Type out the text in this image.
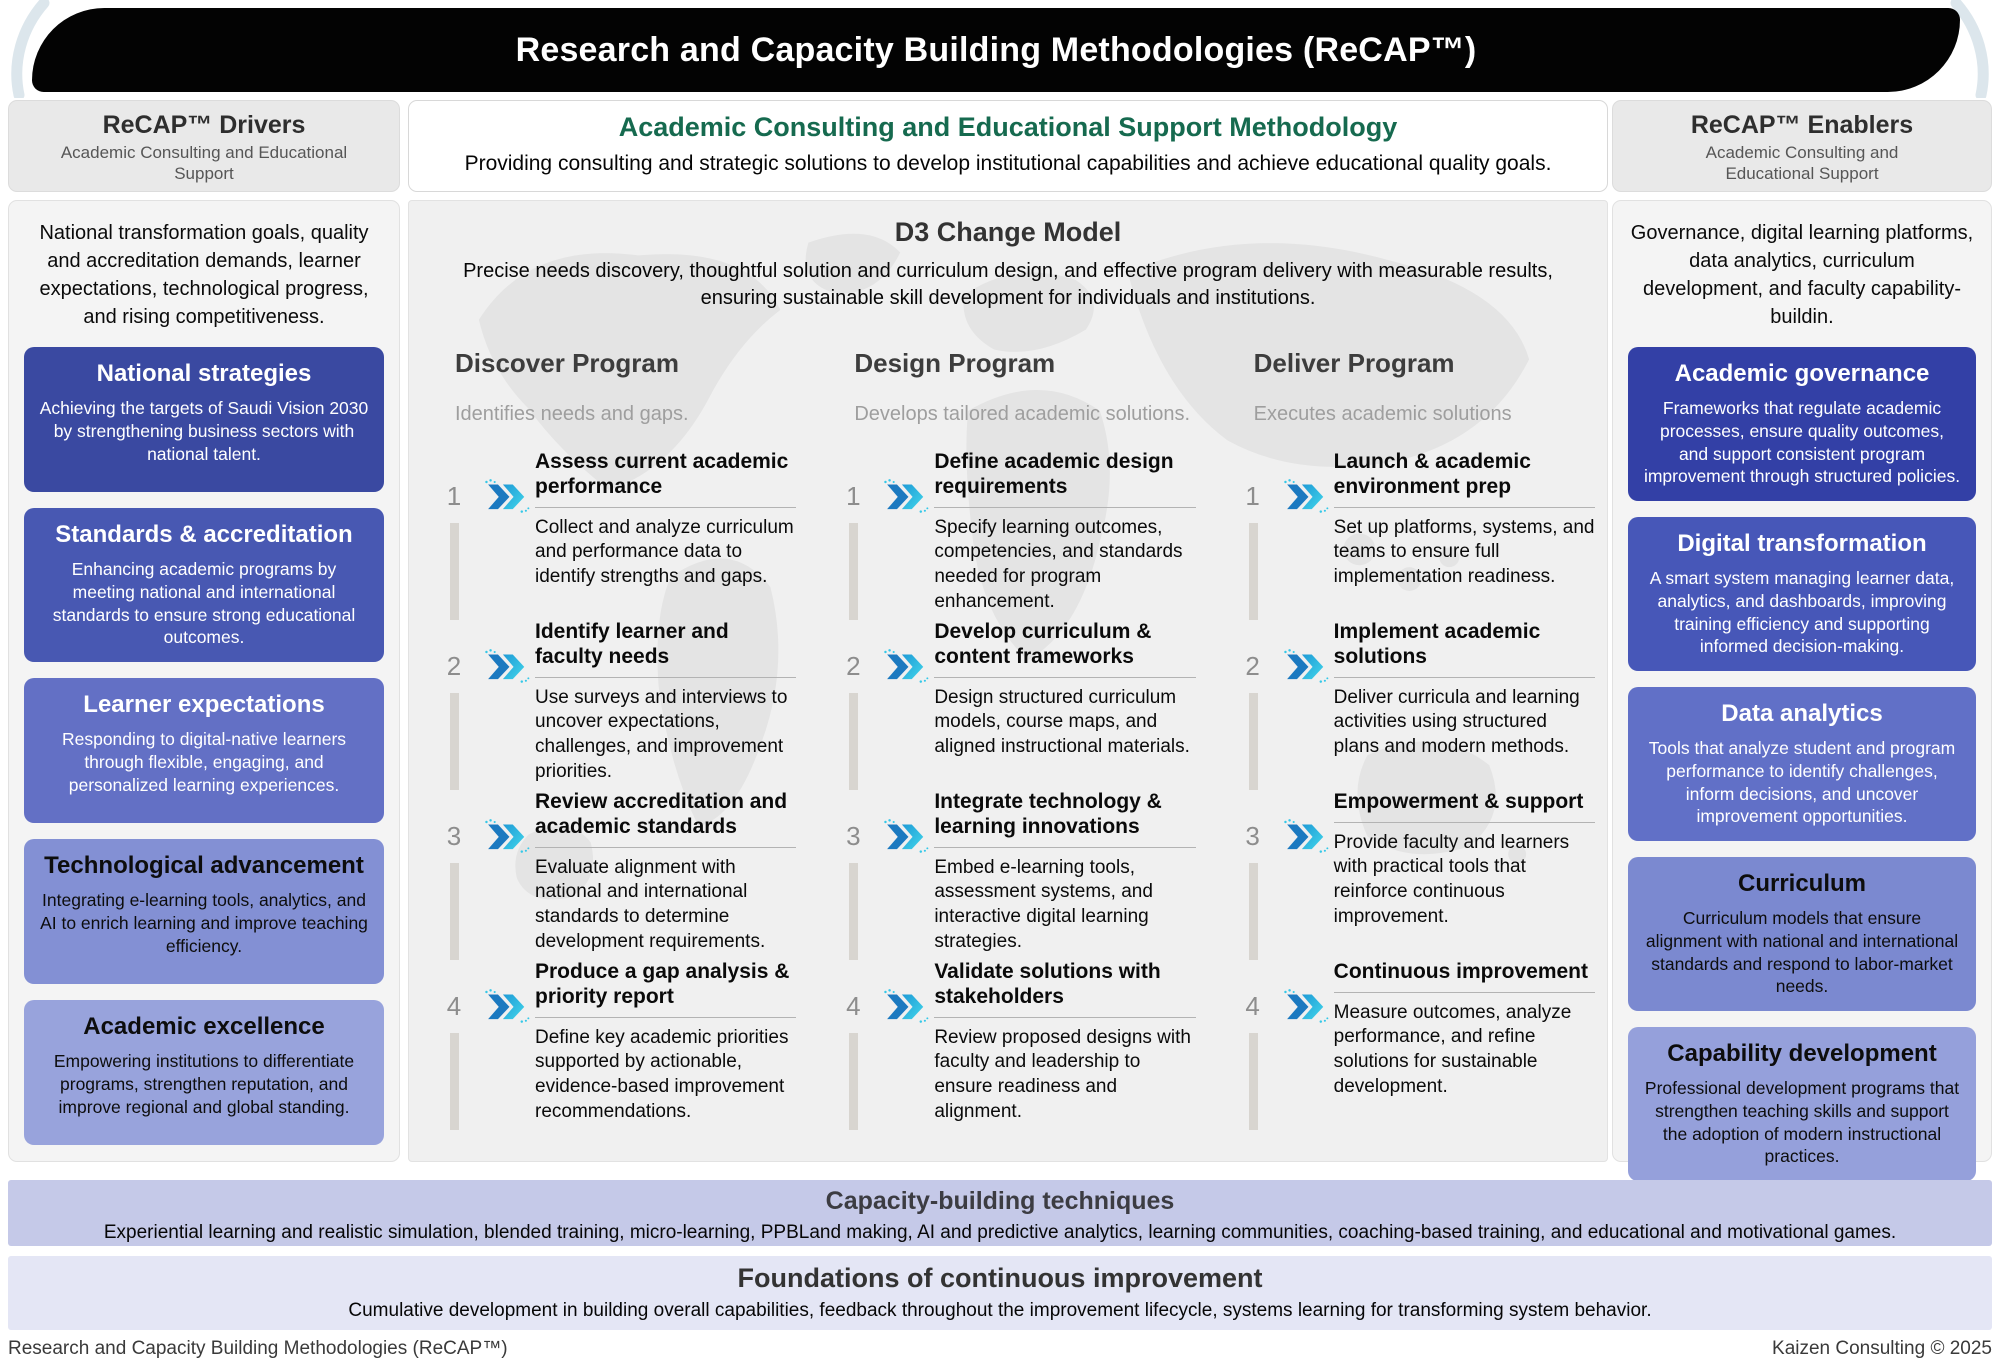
Research and Capacity Building Methodologies (ReCAP™)
ReCAP™ Drivers

Academic Consulting and Educational Support

National transformation goals, quality and accreditation demands, learner expectations, technological progress, and rising competitiveness.

National strategies

Achieving the targets of Saudi Vision 2030 by strengthening business sectors with national talent.

Standards & accreditation

Enhancing academic programs by meeting national and international standards to ensure strong educational outcomes.

Learner expectations

Responding to digital-native learners through flexible, engaging, and personalized learning experiences.

Technological advancement

Integrating e-learning tools, analytics, and AI to enrich learning and improve teaching efficiency.

Academic excellence

Empowering institutions to differentiate programs, strengthen reputation, and improve regional and global standing.

Academic Consulting and Educational Support Methodology

Providing consulting and strategic solutions to develop institutional capabilities and achieve educational quality goals.

D3 Change Model

Precise needs discovery, thoughtful solution and curriculum design, and effective program delivery with measurable results, ensuring sustainable skill development for individuals and institutions.

Discover Program

Identifies needs and gaps.

1
Assess current academic performance
Collect and analyze curriculum and performance data to identify strengths and gaps.
2
Identify learner and faculty needs
Use surveys and interviews to uncover expectations, challenges, and improvement priorities.
3
Review accreditation and academic standards
Evaluate alignment with national and international standards to determine development requirements.
4
Produce a gap analysis & priority report
Define key academic priorities supported by actionable, evidence-based improvement recommendations.
Design Program

Develops tailored academic solutions.

1
Define academic design requirements
Specify learning outcomes, competencies, and standards needed for program enhancement.
2
Develop curriculum & content frameworks
Design structured curriculum models, course maps, and aligned instructional materials.
3
Integrate technology & learning innovations
Embed e-learning tools, assessment systems, and interactive digital learning strategies.
4
Validate solutions with stakeholders
Review proposed designs with faculty and leadership to ensure readiness and alignment.
Deliver Program

Executes academic solutions

1
Launch & academic environment prep
Set up platforms, systems, and teams to ensure full implementation readiness.
2
Implement academic solutions
Deliver curricula and learning activities using structured plans and modern methods.
3
Empowerment & support
Provide faculty and learners with practical tools that reinforce continuous improvement.
4
Continuous improvement
Measure outcomes, analyze performance, and refine solutions for sustainable development.
ReCAP™ Enablers

Academic Consulting and Educational Support

Governance, digital learning platforms, data analytics, curriculum development, and faculty capability-buildin.

Academic governance

Frameworks that regulate academic processes, ensure quality outcomes, and support consistent program improvement through structured policies.

Digital transformation

A smart system managing learner data, analytics, and dashboards, improving training efficiency and supporting informed decision-making.

Data analytics

Tools that analyze student and program performance to identify challenges, inform decisions, and uncover improvement opportunities.

Curriculum

Curriculum models that ensure alignment with national and international standards and respond to labor-market needs.

Capability development

Professional development programs that strengthen teaching skills and support the adoption of modern instructional practices.

Capacity-building techniques

Experiential learning and realistic simulation, blended training, micro-learning, PPBLand making, AI and predictive analytics, learning communities, coaching-based training, and educational and motivational games.

Foundations of continuous improvement

Cumulative development in building overall capabilities, feedback throughout the improvement lifecycle, systems learning for transforming system behavior.

Research and Capacity Building Methodologies (ReCAP™)	Kaizen Consulting © 2025
